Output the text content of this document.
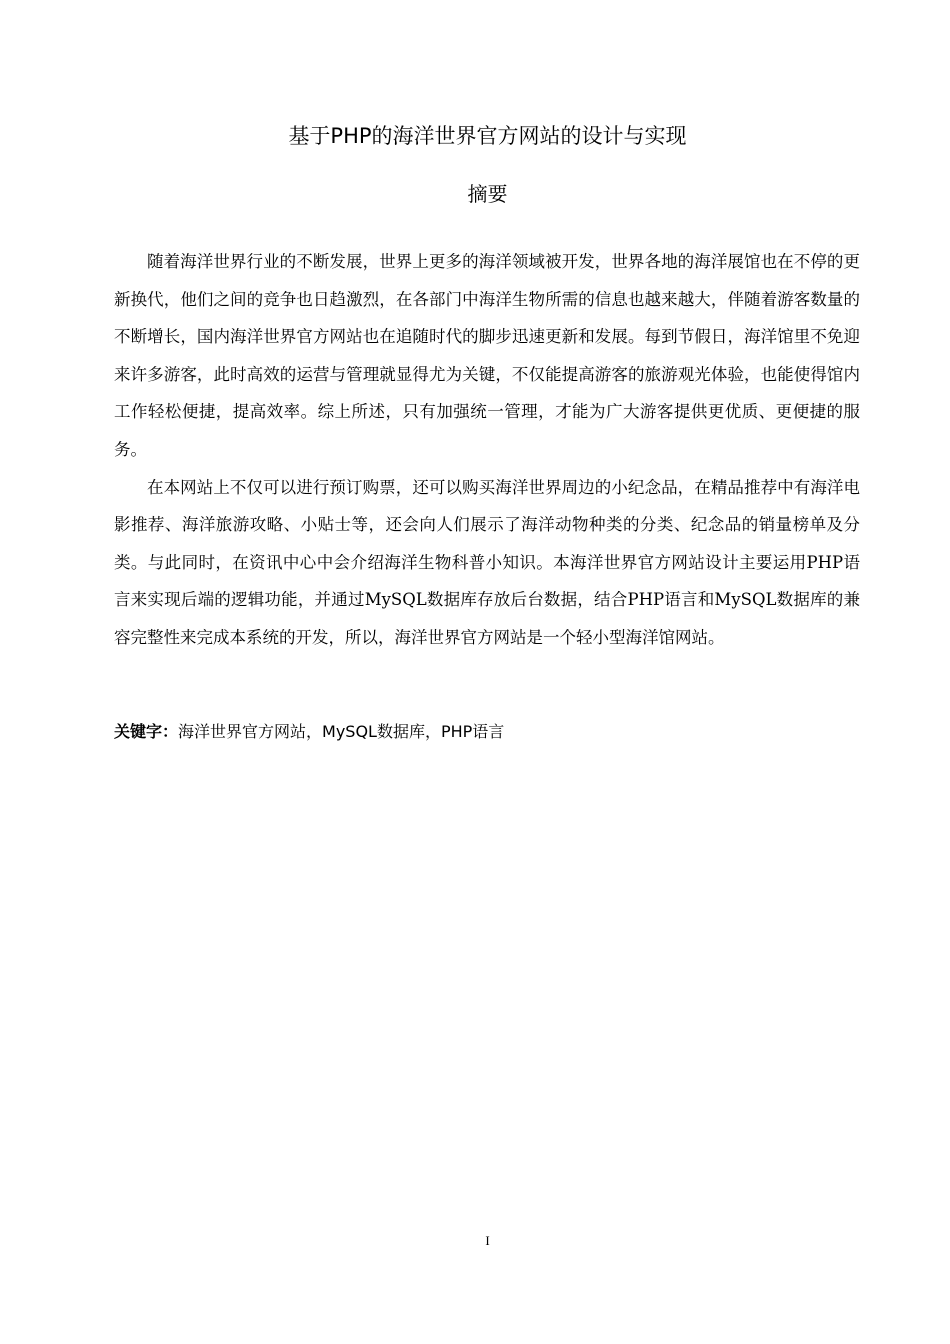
基于PHP的海洋世界官方网站的设计与实现
摘要

随着海洋世界行业的不断发展，世界上更多的海洋领域被开发，世界各地的海洋展馆也在不停的更新换代，他们之间的竞争也日趋激烈，在各部门中海洋生物所需的信息也越来越大，伴随着游客数量的不断增长，国内海洋世界官方网站也在追随时代的脚步迅速更新和发展。每到节假日，海洋馆里不免迎来许多游客，此时高效的运营与管理就显得尤为关键，不仅能提高游客的旅游观光体验，也能使得馆内工作轻松便捷，提高效率。综上所述，只有加强统一管理，才能为广大游客提供更优质、更便捷的服务。

在本网站上不仅可以进行预订购票，还可以购买海洋世界周边的小纪念品，在精品推荐中有海洋电影推荐、海洋旅游攻略、小贴士等，还会向人们展示了海洋动物种类的分类、纪念品的销量榜单及分类。与此同时，在资讯中心中会介绍海洋生物科普小知识。本海洋世界官方网站设计主要运用PHP语言来实现后端的逻辑功能，并通过MySQL数据库存放后台数据，结合PHP语言和MySQL数据库的兼容完整性来完成本系统的开发，所以，海洋世界官方网站是一个轻小型海洋馆网站。

关键字：海洋世界官方网站，MySQL数据库，PHP语言
I
